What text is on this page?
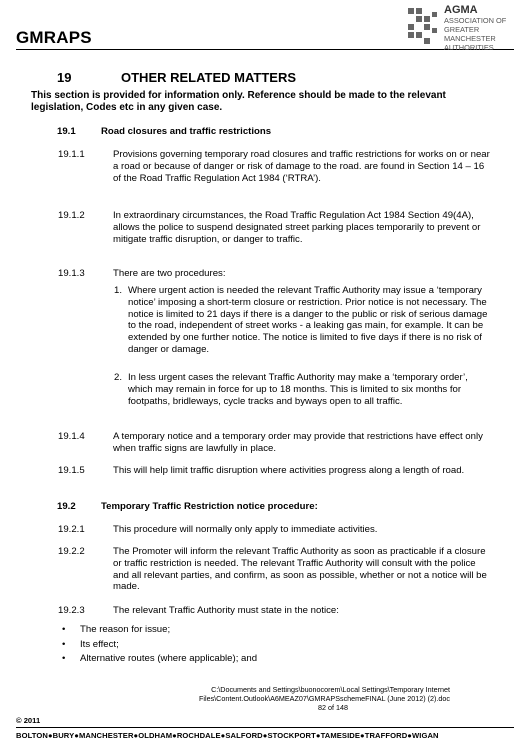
GMRAPS
AGMA
ASSOCIATION OF
GREATER MANCHESTER
AUTHORITIES
19	OTHER RELATED MATTERS
This section is provided for information only. Reference should be made to the relevant legislation, Codes etc in any given case.
19.1	Road closures and traffic restrictions
19.1.1	Provisions governing temporary road closures and traffic restrictions for works on or near a road or because of danger or risk of damage to the road. are found in Section 14 – 16 of the Road Traffic Regulation Act 1984 (‘RTRA’).
19.1.2	In extraordinary circumstances, the Road Traffic Regulation Act 1984 Section 49(4A), allows the police to suspend designated street parking places temporarily to prevent or mitigate traffic disruption, or danger to traffic.
19.1.3	There are two procedures:
1. Where urgent action is needed the relevant Traffic Authority may issue a ‘temporary notice’ imposing a short-term closure or restriction. Prior notice is not necessary. The notice is limited to 21 days if there is a danger to the public or risk of serious damage to the road, independent of street works - a leaking gas main, for example. It can be extended by one further notice. The notice is limited to five days if there is no risk of danger or damage.
2. In less urgent cases the relevant Traffic Authority may make a ‘temporary order’, which may remain in force for up to 18 months. This is limited to six months for footpaths, bridleways, cycle tracks and byways open to all traffic.
19.1.4	A temporary notice and a temporary order may provide that restrictions have effect only when traffic signs are lawfully in place.
19.1.5	This will help limit traffic disruption where activities progress along a length of road.
19.2	Temporary Traffic Restriction notice procedure:
19.2.1	This procedure will normally only apply to immediate activities.
19.2.2	The Promoter will inform the relevant Traffic Authority as soon as practicable if a closure or traffic restriction is needed. The relevant Traffic Authority will consult with the police and all relevant parties, and confirm, as soon as possible, whether or not a notice will be made.
19.2.3	The relevant Traffic Authority must state in the notice:
• The reason for issue;
• Its effect;
• Alternative routes (where applicable); and
C:\Documents and Settings\buonocorem\Local Settings\Temporary Internet
Files\Content.Outlook\A6MEAZ07\GMRAPSschemeFINAL (June 2012) (2).doc
82 of 148
© 2011
BOLTON●BURY●MANCHESTER●OLDHAM●ROCHDALE●SALFORD●STOCKPORT●TAMESIDE●TRAFFORD●WIGAN
